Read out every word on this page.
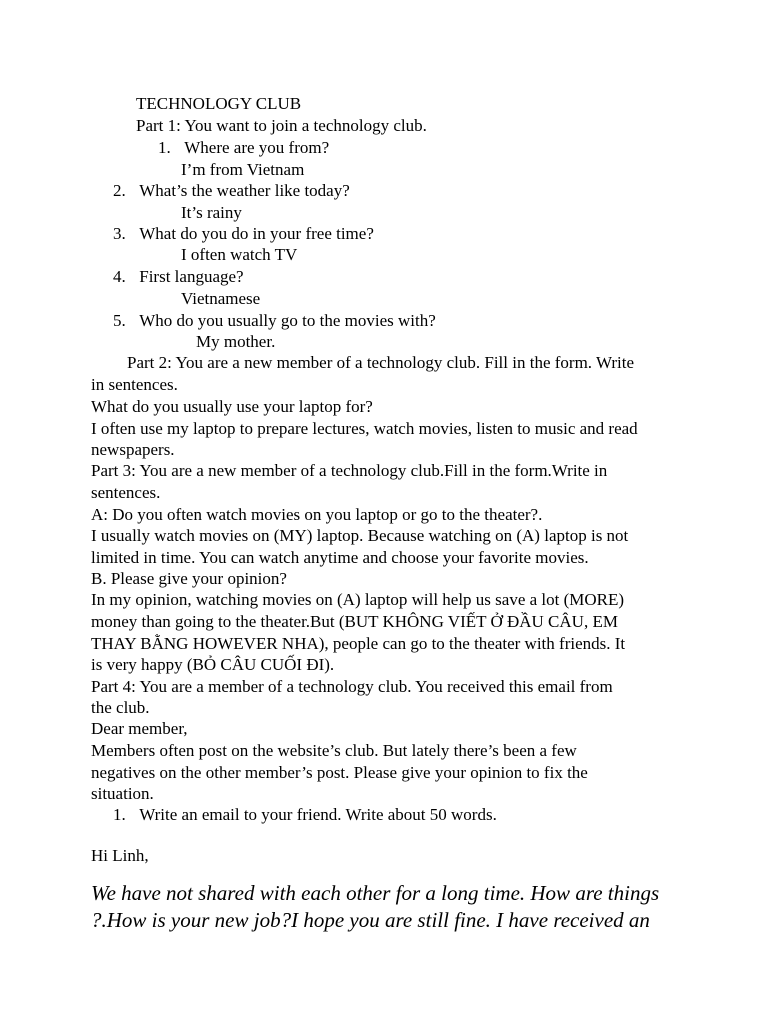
TECHNOLOGY CLUB
Part 1: You want to join a technology club.
1. Where are you from?
I’m from Vietnam
2. What’s the weather like today?
It’s rainy
3. What do you do in your free time?
I often watch TV
4. First language?
Vietnamese
5. Who do you usually go to the movies with?
My mother.
Part 2: You are a new member of a technology club. Fill in the form. Write
in sentences.
What do you usually use your laptop for?
I often use my laptop to prepare lectures, watch movies, listen to music and read
newspapers.
Part 3: You are a new member of a technology club.Fill in the form.Write in
sentences.
A: Do you often watch movies on you laptop or go to the theater?.
I usually watch movies on (MY) laptop. Because watching on (A) laptop is not
limited in time. You can watch anytime and choose your favorite movies.
B. Please give your opinion?
In my opinion, watching movies on (A) laptop will help us save a lot (MORE)
money than going to the theater.But (BUT KHÔNG VIẾT Ở ĐẦU CÂU, EM
THAY BẰNG HOWEVER NHA), people can go to the theater with friends. It
is very happy (BỎ CÂU CUỐI ĐI).
Part 4: You are a member of a technology club. You received this email from
the club.
Dear member,
Members often post on the website’s club. But lately there’s been a few
negatives on the other member’s post. Please give your opinion to fix the
situation.
1. Write an email to your friend. Write about 50 words.
Hi Linh,
We have not shared with each other for a long time. How are things
?.How is your new job?I hope you are still fine. I have received an
